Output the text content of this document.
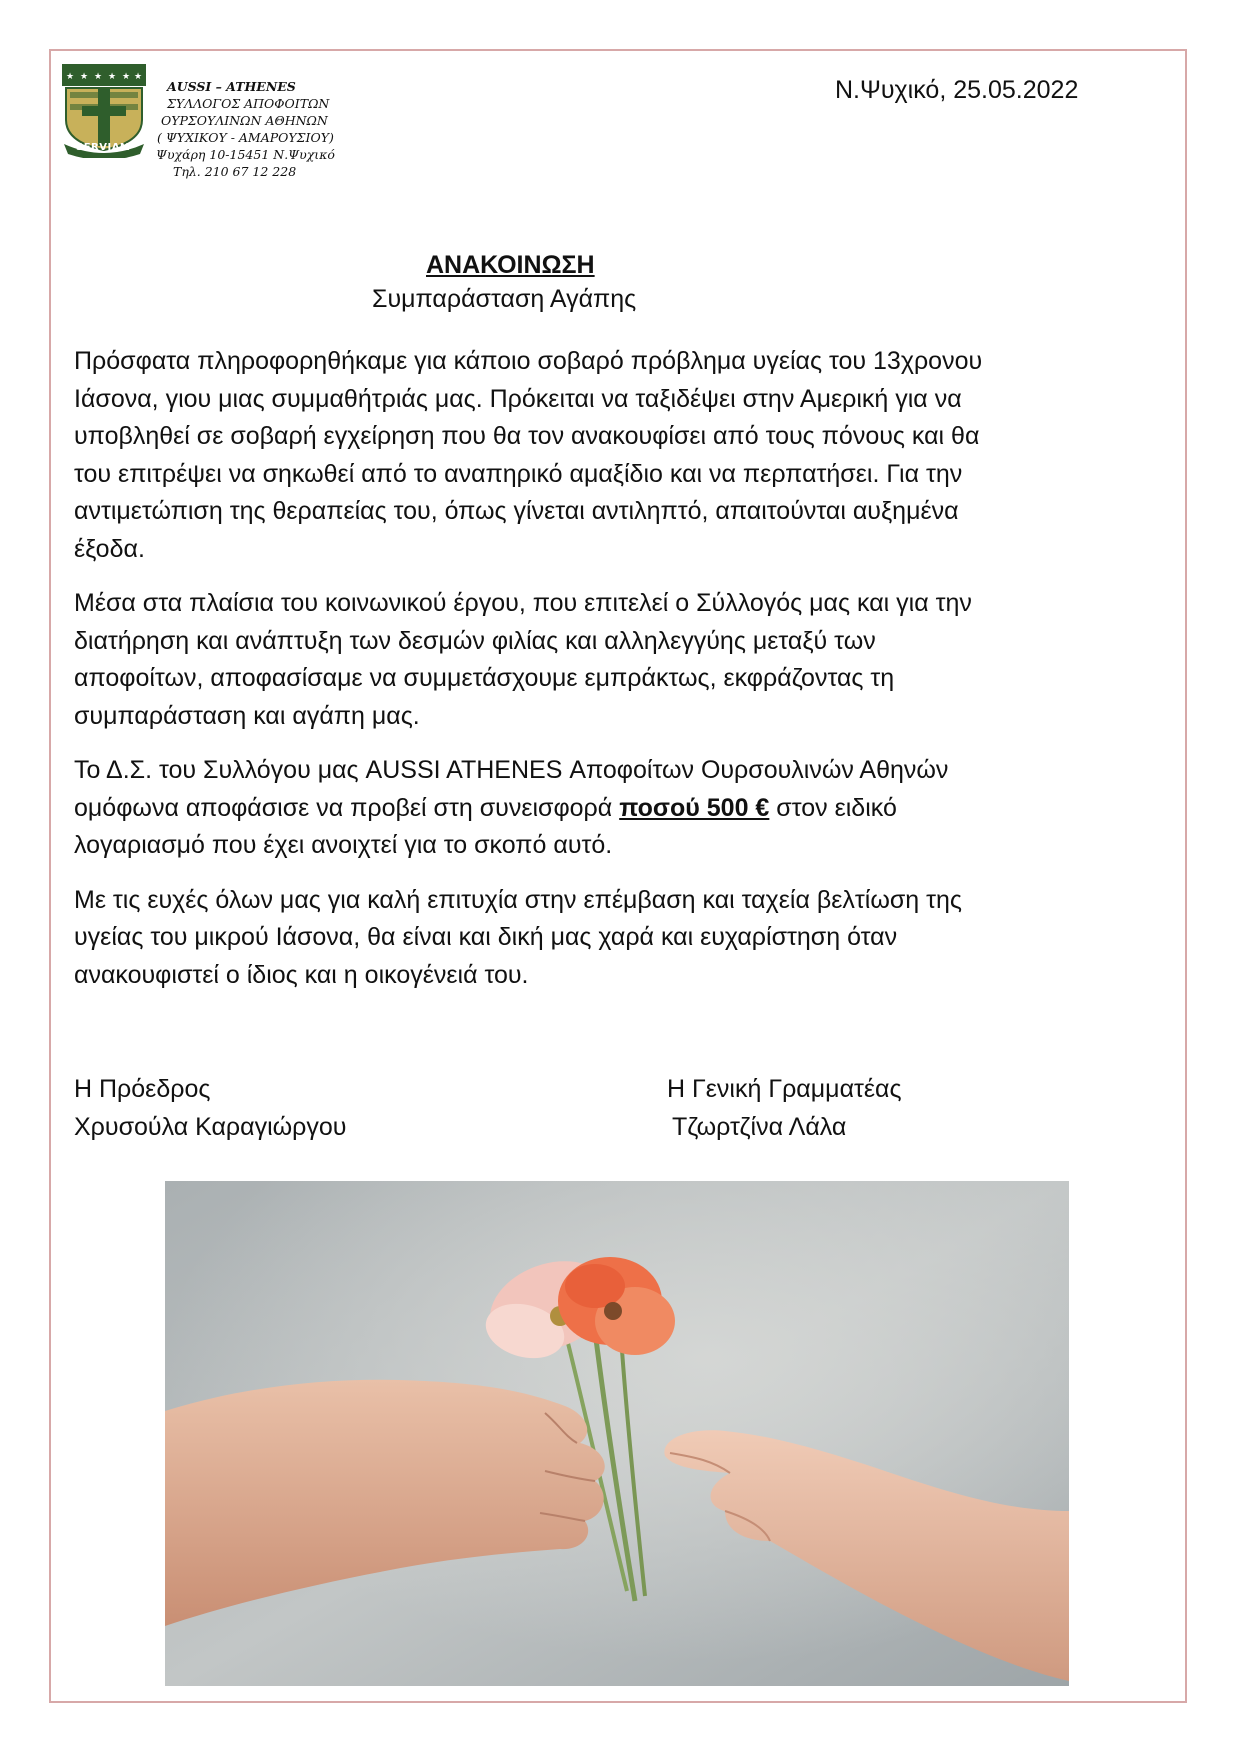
★ ★ ★ ★ ★ ★
SERVIAM
AUSSI – ATHENES
ΣΥΛΛΟΓΟΣ ΑΠΟΦΟΙΤΩΝ
ΟΥΡΣΟΥΛΙΝΩΝ ΑΘΗΝΩΝ
( ΨΥΧΙΚΟΥ - ΑΜΑΡΟΥΣΙΟΥ)
Ψυχάρη 10-15451 Ν.Ψυχικό
Τηλ. 210 67 12 228
Ν.Ψυχικό, 25.05.2022
ΑΝΑΚΟΙΝΩΣΗ
Συμπαράσταση Αγάπης

Πρόσφατα πληροφορηθήκαμε για κάποιο σοβαρό πρόβλημα υγείας του 13χρονου
Ιάσονα, γιου μιας συμμαθήτριάς μας. Πρόκειται να ταξιδέψει στην Αμερική για να
υποβληθεί σε σοβαρή εγχείρηση που θα τον ανακουφίσει από τους πόνους και θα
του επιτρέψει να σηκωθεί από το αναπηρικό αμαξίδιο και να περπατήσει. Για την
αντιμετώπιση της θεραπείας του, όπως γίνεται αντιληπτό, απαιτούνται αυξημένα
έξοδα.

Μέσα στα πλαίσια του κοινωνικού έργου, που επιτελεί ο Σύλλογός μας και για την
διατήρηση και ανάπτυξη των δεσμών φιλίας και αλληλεγγύης μεταξύ των
αποφοίτων, αποφασίσαμε να συμμετάσχουμε εμπράκτως, εκφράζοντας τη
συμπαράσταση και αγάπη μας.

Το Δ.Σ. του Συλλόγου μας AUSSI ATHENES Αποφοίτων Ουρσουλινών Αθηνών
ομόφωνα αποφάσισε να προβεί στη συνεισφορά ποσού 500 € στον ειδικό
λογαριασμό που έχει ανοιχτεί για το σκοπό αυτό.

Με τις ευχές όλων μας για καλή επιτυχία στην επέμβαση και ταχεία βελτίωση της
υγείας του μικρού Ιάσονα, θα είναι και δική μας χαρά και ευχαρίστηση όταν
ανακουφιστεί ο ίδιος και η οικογένειά του.

Η Πρόεδρος
Χρυσούλα Καραγιώργου
Η Γενική Γραμματέας
Τζωρτζίνα Λάλα
